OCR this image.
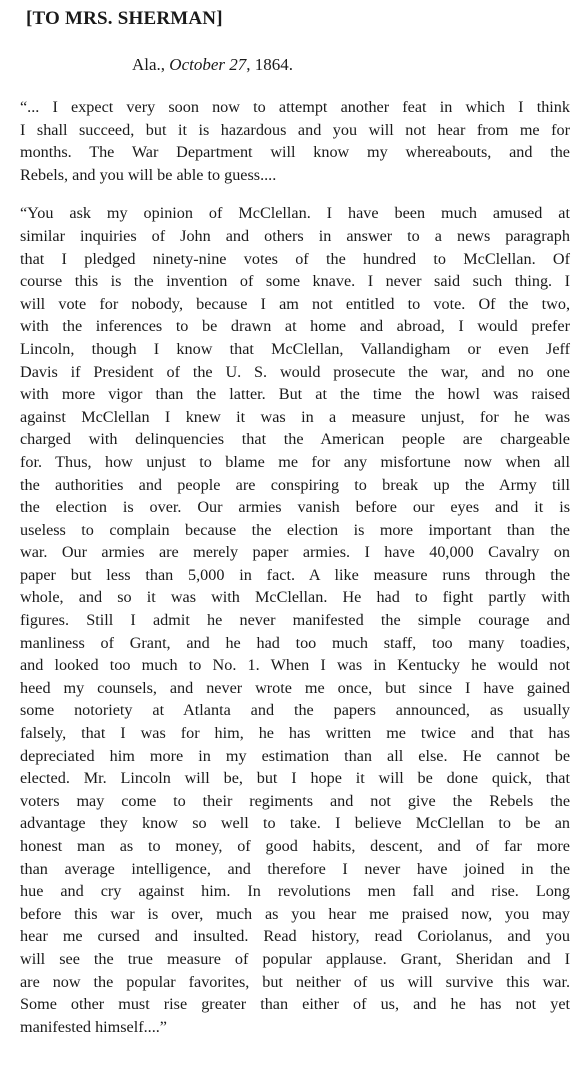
[TO MRS. SHERMAN]
Ala., October 27, 1864.
“... I expect very soon now to attempt another feat in which I think
I shall succeed, but it is hazardous and you will not hear from me for
months. The War Department will know my whereabouts, and the
Rebels, and you will be able to guess....
“You ask my opinion of McClellan. I have been much amused at
similar inquiries of John and others in answer to a news paragraph
that I pledged ninety-nine votes of the hundred to McClellan. Of
course this is the invention of some knave. I never said such thing. I
will vote for nobody, because I am not entitled to vote. Of the two,
with the inferences to be drawn at home and abroad, I would prefer
Lincoln, though I know that McClellan, Vallandigham or even Jeff
Davis if President of the U. S. would prosecute the war, and no one
with more vigor than the latter. But at the time the howl was raised
against McClellan I knew it was in a measure unjust, for he was
charged with delinquencies that the American people are chargeable
for. Thus, how unjust to blame me for any misfortune now when all
the authorities and people are conspiring to break up the Army till
the election is over. Our armies vanish before our eyes and it is
useless to complain because the election is more important than the
war. Our armies are merely paper armies. I have 40,000 Cavalry on
paper but less than 5,000 in fact. A like measure runs through the
whole, and so it was with McClellan. He had to fight partly with
figures. Still I admit he never manifested the simple courage and
manliness of Grant, and he had too much staff, too many toadies,
and looked too much to No. 1. When I was in Kentucky he would not
heed my counsels, and never wrote me once, but since I have gained
some notoriety at Atlanta and the papers announced, as usually
falsely, that I was for him, he has written me twice and that has
depreciated him more in my estimation than all else. He cannot be
elected. Mr. Lincoln will be, but I hope it will be done quick, that
voters may come to their regiments and not give the Rebels the
advantage they know so well to take. I believe McClellan to be an
honest man as to money, of good habits, descent, and of far more
than average intelligence, and therefore I never have joined in the
hue and cry against him. In revolutions men fall and rise. Long
before this war is over, much as you hear me praised now, you may
hear me cursed and insulted. Read history, read Coriolanus, and you
will see the true measure of popular applause. Grant, Sheridan and I
are now the popular favorites, but neither of us will survive this war.
Some other must rise greater than either of us, and he has not yet
manifested himself....”
